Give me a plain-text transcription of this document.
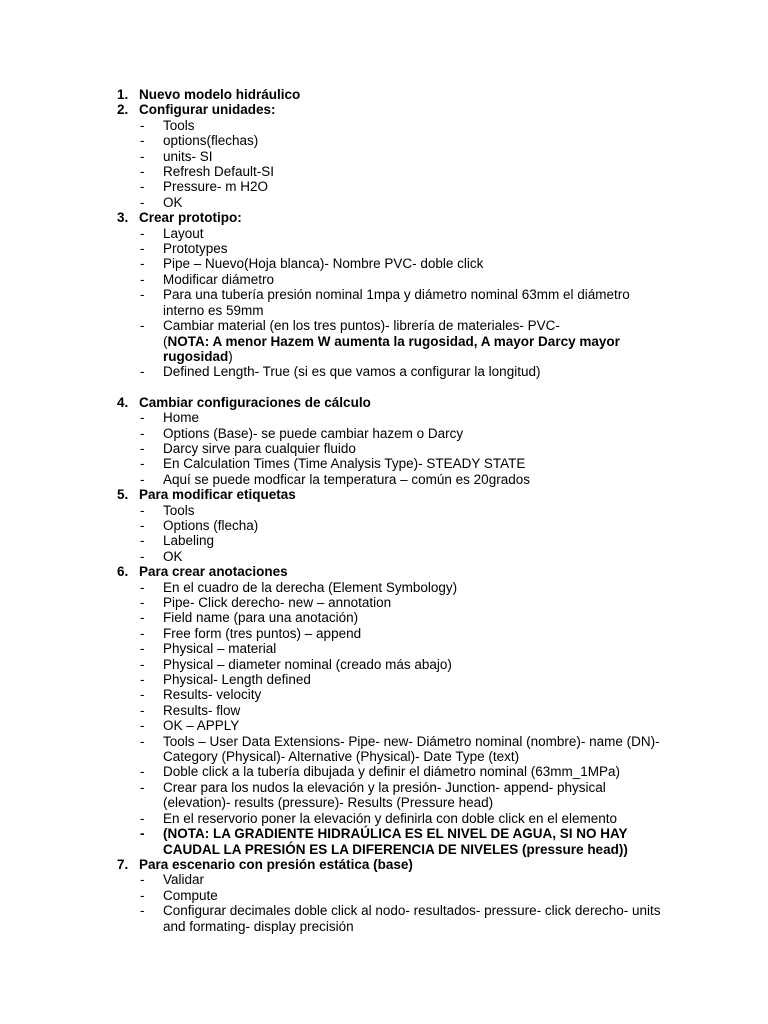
1. Nuevo modelo hidráulico
2. Configurar unidades:
- Tools
- options(flechas)
- units- SI
- Refresh Default-SI
- Pressure- m H2O
- OK
3. Crear prototipo:
- Layout
- Prototypes
- Pipe – Nuevo(Hoja blanca)- Nombre PVC- doble click
- Modificar diámetro
- Para una tubería presión nominal 1mpa y diámetro nominal 63mm el diámetro interno es 59mm
- Cambiar material (en los tres puntos)- librería de materiales- PVC-
(NOTA: A menor Hazem W aumenta la rugosidad, A mayor Darcy mayor rugosidad)
- Defined Length- True (si es que vamos a configurar la longitud)
4. Cambiar configuraciones de cálculo
- Home
- Options (Base)- se puede cambiar hazem o Darcy
- Darcy sirve para cualquier fluido
- En Calculation Times (Time Analysis Type)- STEADY STATE
- Aquí se puede modficar la temperatura – común es 20grados
5. Para modificar etiquetas
- Tools
- Options (flecha)
- Labeling
- OK
6. Para crear anotaciones
- En el cuadro de la derecha (Element Symbology)
- Pipe- Click derecho- new – annotation
- Field name (para una anotación)
- Free form (tres puntos) – append
- Physical – material
- Physical – diameter nominal (creado más abajo)
- Physical- Length defined
- Results- velocity
- Results- flow
- OK – APPLY
- Tools – User Data Extensions- Pipe- new- Diámetro nominal (nombre)- name (DN)- Category (Physical)- Alternative (Physical)- Date Type (text)
- Doble click a la tubería dibujada y definir el diámetro nominal (63mm_1MPa)
- Crear para los nudos la elevación y la presión- Junction- append- physical (elevation)- results (pressure)- Results (Pressure head)
- En el reservorio poner la elevación y definirla con doble click en el elemento
- (NOTA: LA GRADIENTE HIDRAÚLICA ES EL NIVEL DE AGUA, SI NO HAY CAUDAL LA PRESIÓN ES LA DIFERENCIA DE NIVELES (pressure head))
7. Para escenario con presión estática (base)
- Validar
- Compute
- Configurar decimales doble click al nodo- resultados- pressure- click derecho- units and formating- display precisión
